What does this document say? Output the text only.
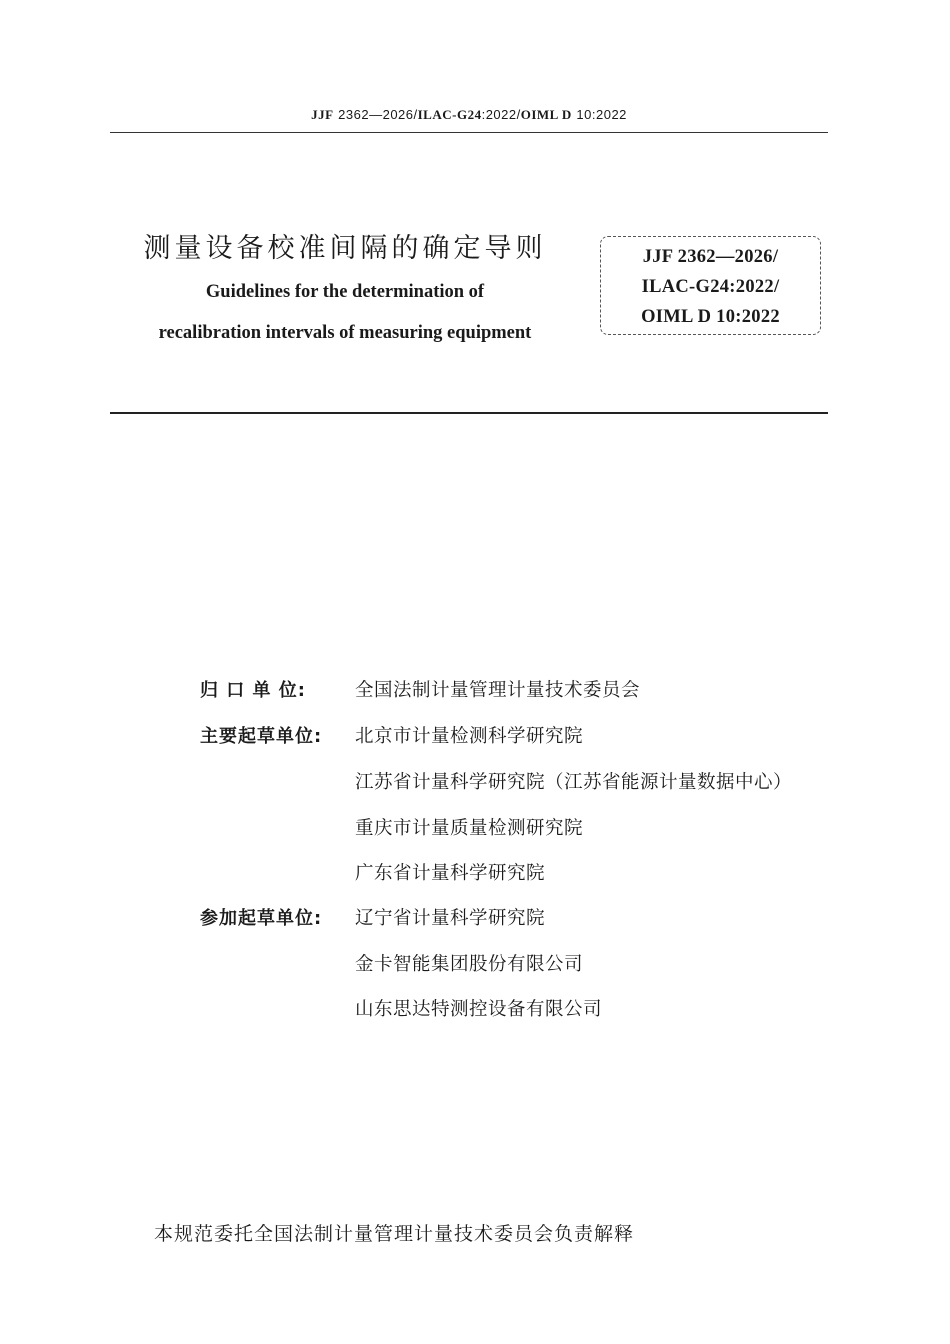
JJF 2362—2026/ILAC-G24:2022/OIML D 10:2022
测量设备校准间隔的确定导则
Guidelines for the determination of
recalibration intervals of measuring equipment
JJF 2362—2026/
ILAC-G24:2022/
OIML D 10:2022
归 口 单 位:	全国法制计量管理计量技术委员会
主要起草单位:	北京市计量检测科学研究院
江苏省计量科学研究院（江苏省能源计量数据中心）
重庆市计量质量检测研究院
广东省计量科学研究院
参加起草单位:	辽宁省计量科学研究院
金卡智能集团股份有限公司
山东思达特测控设备有限公司
本规范委托全国法制计量管理计量技术委员会负责解释
